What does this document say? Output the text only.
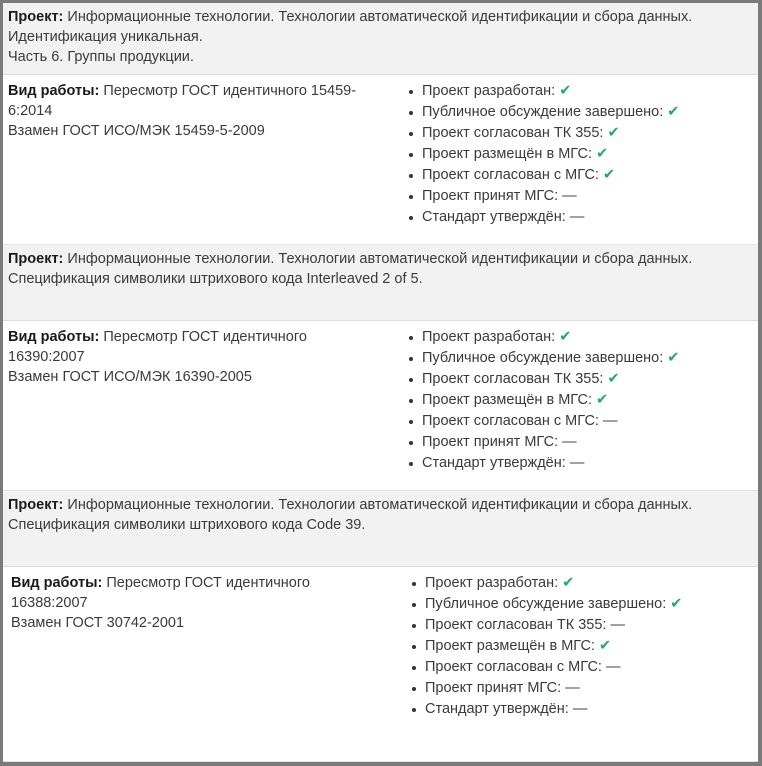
Проект: Информационные технологии. Технологии автоматической идентификации и сбора данных. Идентификация уникальная.
Часть 6. Группы продукции.
Вид работы: Пересмотр ГОСТ идентичного 15459-6:2014
Взамен ГОСТ ИСО/МЭК 15459-5-2009
Проект разработан: ✔
Публичное обсуждение завершено: ✔
Проект согласован ТК 355: ✔
Проект размещён в МГС: ✔
Проект согласован с МГС: ✔
Проект принят МГС: —
Стандарт утверждён: —
Проект: Информационные технологии. Технологии автоматической идентификации и сбора данных.
Спецификация символики штрихового кода Interleaved 2 of 5.
Вид работы: Пересмотр ГОСТ идентичного 16390:2007
Взамен ГОСТ ИСО/МЭК 16390-2005
Проект разработан: ✔
Публичное обсуждение завершено: ✔
Проект согласован ТК 355: ✔
Проект размещён в МГС: ✔
Проект согласован с МГС: —
Проект принят МГС: —
Стандарт утверждён: —
Проект: Информационные технологии. Технологии автоматической идентификации и сбора данных.
Спецификация символики штрихового кода Code 39.
Вид работы: Пересмотр ГОСТ идентичного 16388:2007
Взамен ГОСТ 30742-2001
Проект разработан: ✔
Публичное обсуждение завершено: ✔
Проект согласован ТК 355: —
Проект размещён в МГС: ✔
Проект согласован с МГС: —
Проект принят МГС: —
Стандарт утверждён: —
